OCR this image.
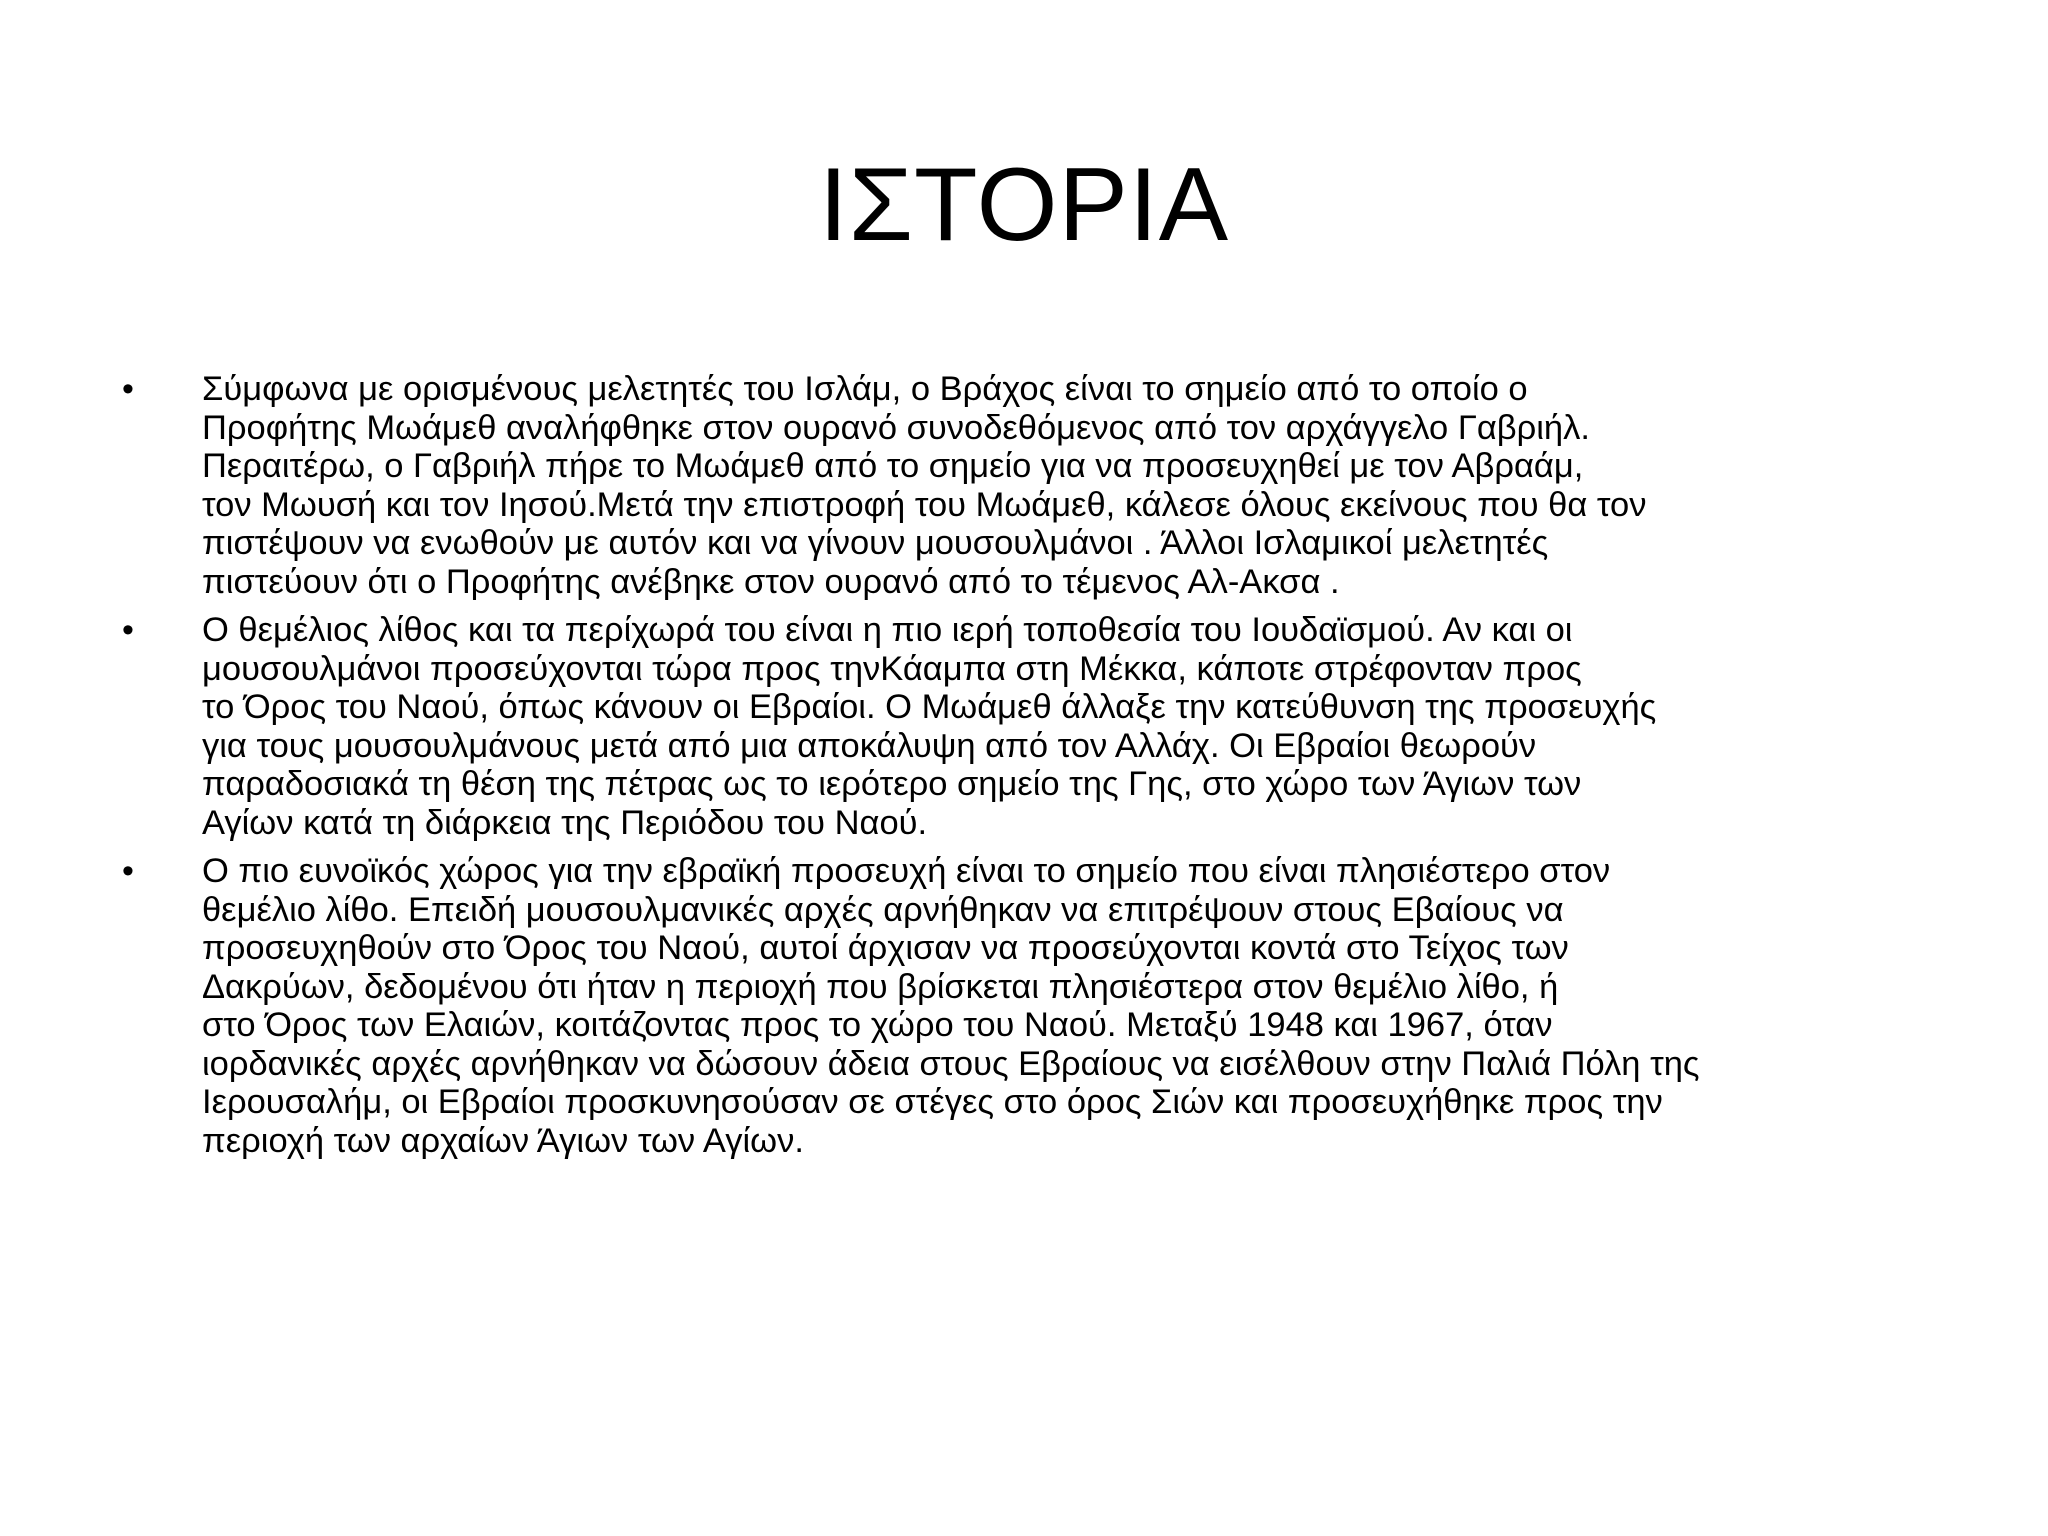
ΙΣΤΟΡΙΑ
•	Σύμφωνα με ορισμένους μελετητές του Ισλάμ, ο Βράχος είναι το σημείο από το οποίο ο
Προφήτης Μωάμεθ αναλήφθηκε στον ουρανό συνοδεθόμενος από τον αρχάγγελο Γαβριήλ.
Περαιτέρω, ο Γαβριήλ πήρε το Μωάμεθ από το σημείο για να προσευχηθεί με τον Αβραάμ,
τον Μωυσή και τον Ιησού.Μετά την επιστροφή του Μωάμεθ, κάλεσε όλους εκείνους που θα τον
πιστέψουν να ενωθούν με αυτόν και να γίνουν μουσουλμάνοι . Άλλοι Ισλαμικοί μελετητές
πιστεύουν ότι ο Προφήτης ανέβηκε στον ουρανό από το τέμενος Αλ-Ακσα .
•	Ο θεμέλιος λίθος και τα περίχωρά του είναι η πιο ιερή τοποθεσία του Ιουδαϊσμού. Αν και οι
μουσουλμάνοι προσεύχονται τώρα προς τηνΚάαμπα στη Μέκκα, κάποτε στρέφονταν προς
το Όρος του Ναού, όπως κάνουν οι Εβραίοι. Ο Μωάμεθ άλλαξε την κατεύθυνση της προσευχής
για τους μουσουλμάνους μετά από μια αποκάλυψη από τον Αλλάχ. Οι Εβραίοι θεωρούν
παραδοσιακά τη θέση της πέτρας ως το ιερότερο σημείο της Γης, στο χώρο των Άγιων των
Αγίων κατά τη διάρκεια της Περιόδου του Ναού.
•	Ο πιο ευνοϊκός χώρος για την εβραϊκή προσευχή είναι το σημείο που είναι πλησιέστερο στον
θεμέλιο λίθο. Επειδή μουσουλμανικές αρχές αρνήθηκαν να επιτρέψουν στους Εβαίους να
προσευχηθούν στο Όρος του Ναού, αυτοί άρχισαν να προσεύχονται κοντά στο Τείχος των
Δακρύων, δεδομένου ότι ήταν η περιοχή που βρίσκεται πλησιέστερα στον θεμέλιο λίθο, ή
στο Όρος των Ελαιών, κοιτάζοντας προς το χώρο του Ναού. Μεταξύ 1948 και 1967, όταν
ιορδανικές αρχές αρνήθηκαν να δώσουν άδεια στους Εβραίους να εισέλθουν στην Παλιά Πόλη της
Ιερουσαλήμ, οι Εβραίοι προσκυνησούσαν σε στέγες στο όρος Σιών και προσευχήθηκε προς την
περιοχή των αρχαίων Άγιων των Αγίων.
